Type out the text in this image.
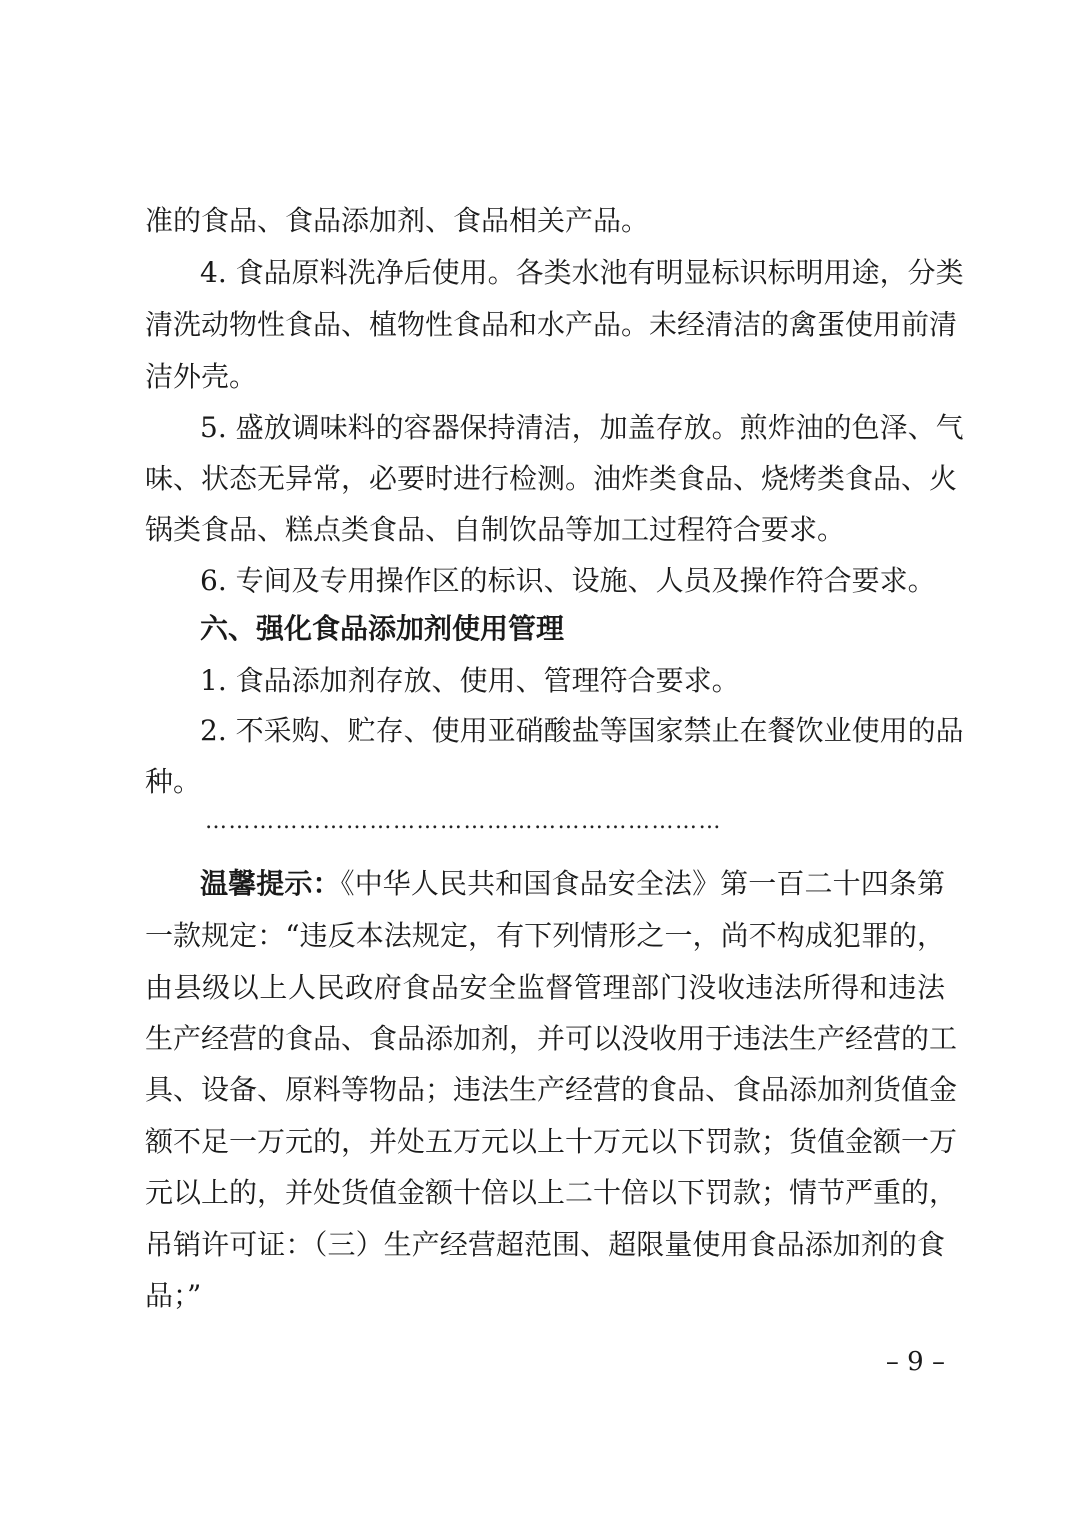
准的食品、食品添加剂、食品相关产品。
4. 食品原料洗净后使用。各类水池有明显标识标明用途，分类
清洗动物性食品、植物性食品和水产品。未经清洁的禽蛋使用前清
洁外壳。
5. 盛放调味料的容器保持清洁，加盖存放。煎炸油的色泽、气
味、状态无异常，必要时进行检测。油炸类食品、烧烤类食品、火
锅类食品、糕点类食品、自制饮品等加工过程符合要求。
6. 专间及专用操作区的标识、设施、人员及操作符合要求。
六、强化食品添加剂使用管理
1. 食品添加剂存放、使用、管理符合要求。
2. 不采购、贮存、使用亚硝酸盐等国家禁止在餐饮业使用的品
种。
…………………………………………………………
温馨提示：《中华人民共和国食品安全法》第一百二十四条第
一款规定：“违反本法规定，有下列情形之一，尚不构成犯罪的，
由县级以上人民政府食品安全监督管理部门没收违法所得和违法
生产经营的食品、食品添加剂，并可以没收用于违法生产经营的工
具、设备、原料等物品；违法生产经营的食品、食品添加剂货值金
额不足一万元的，并处五万元以上十万元以下罚款；货值金额一万
元以上的，并处货值金额十倍以上二十倍以下罚款；情节严重的，
吊销许可证：（三）生产经营超范围、超限量使用食品添加剂的食
品；”
– 9 –
